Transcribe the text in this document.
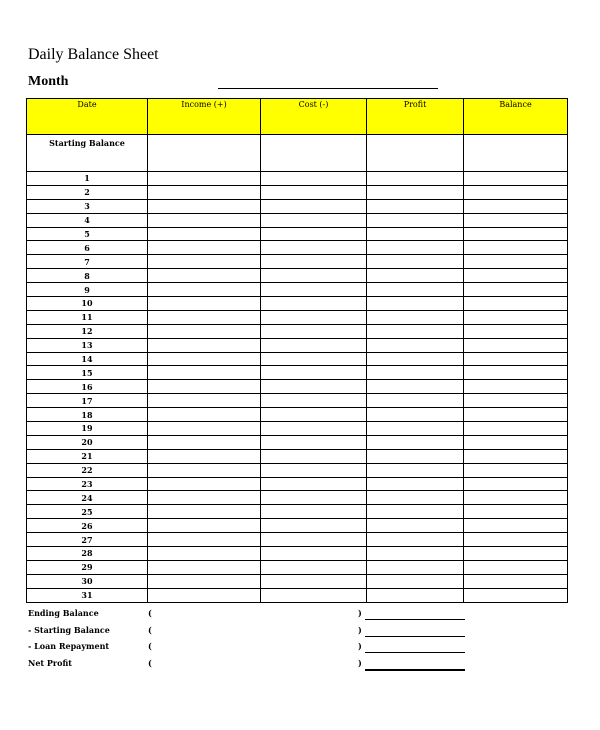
Daily Balance Sheet
Month
Date	Income (+)	Cost (-)	Profit	Balance
Starting Balance				
1				
2				
3				
4				
5				
6				
7				
8				
9				
10				
11				
12				
13				
14				
15				
16				
17				
18				
19				
20				
21				
22				
23				
24				
25				
26				
27				
28				
29				
30				
31				
Ending Balance	(	)
- Starting Balance	(	)
- Loan Repayment	(	)
Net Profit	(	)
